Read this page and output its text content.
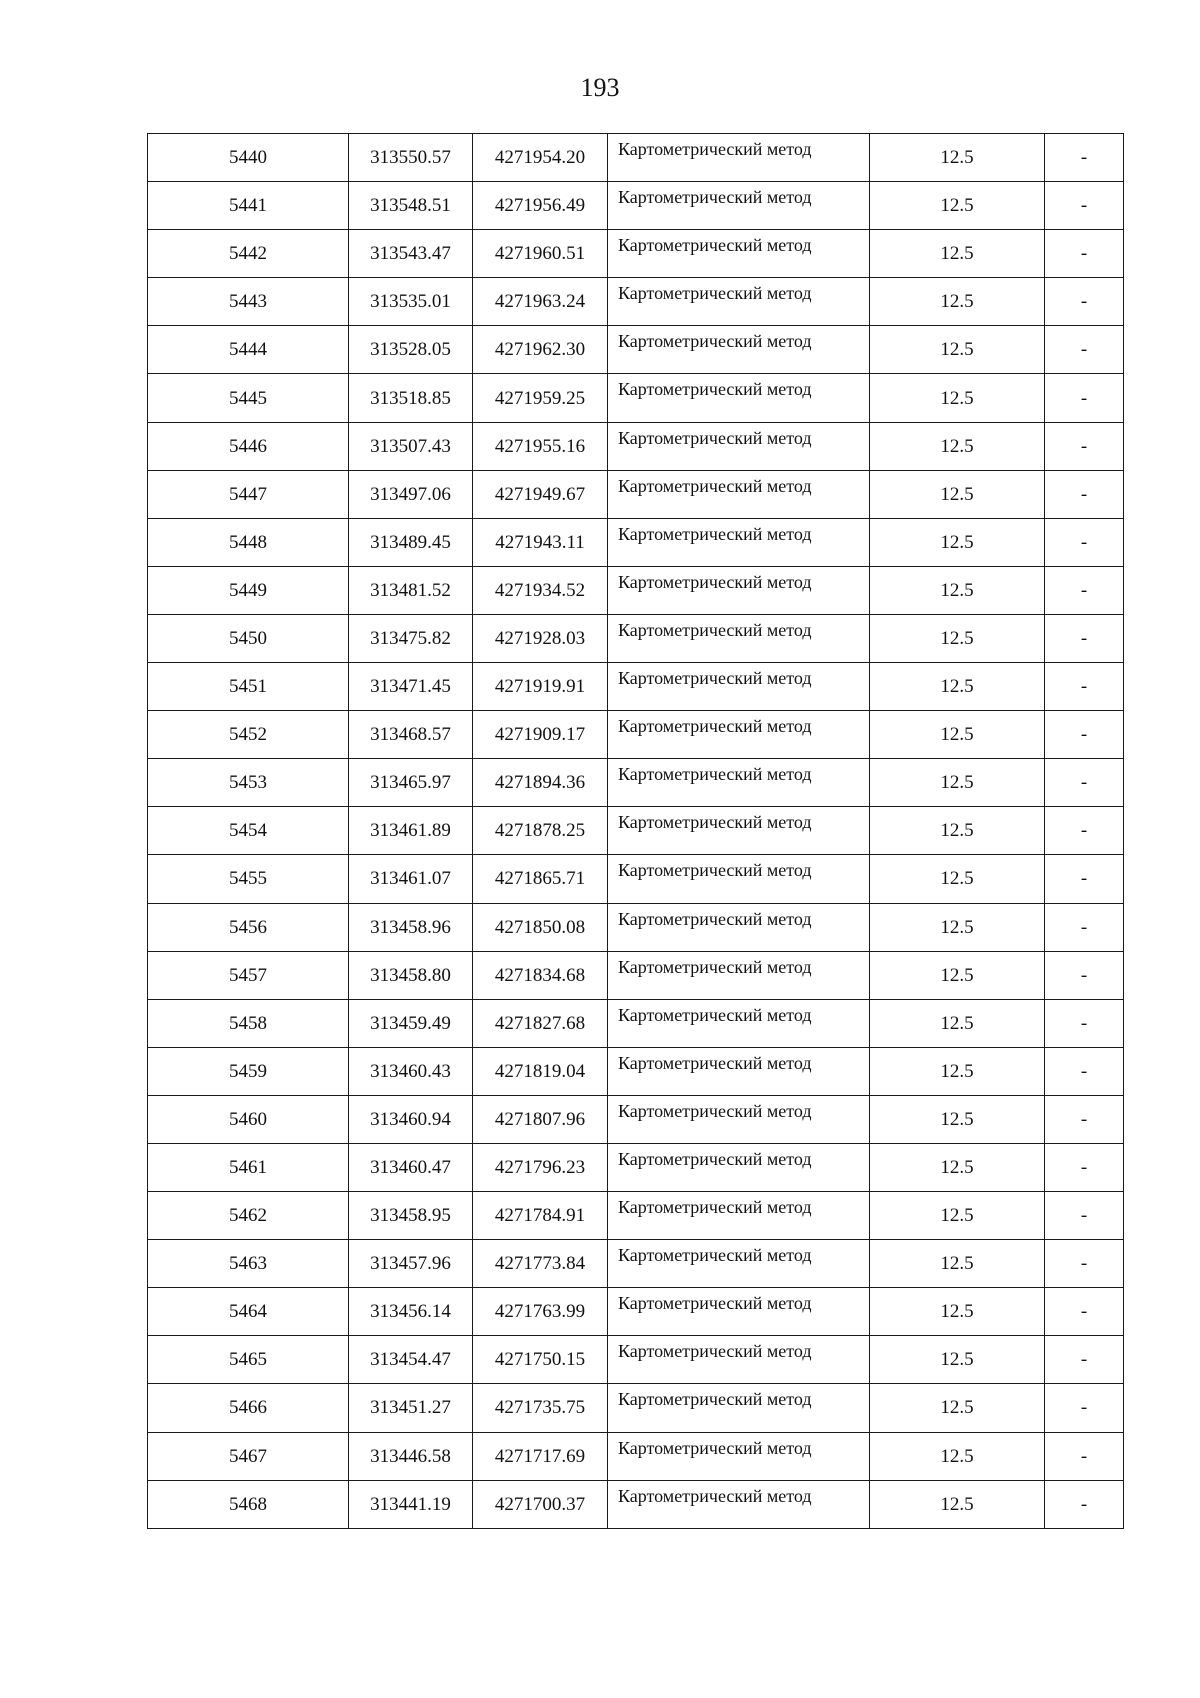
193
5440	313550.57	4271954.20	Картометрический метод	12.5	-
5441	313548.51	4271956.49	Картометрический метод	12.5	-
5442	313543.47	4271960.51	Картометрический метод	12.5	-
5443	313535.01	4271963.24	Картометрический метод	12.5	-
5444	313528.05	4271962.30	Картометрический метод	12.5	-
5445	313518.85	4271959.25	Картометрический метод	12.5	-
5446	313507.43	4271955.16	Картометрический метод	12.5	-
5447	313497.06	4271949.67	Картометрический метод	12.5	-
5448	313489.45	4271943.11	Картометрический метод	12.5	-
5449	313481.52	4271934.52	Картометрический метод	12.5	-
5450	313475.82	4271928.03	Картометрический метод	12.5	-
5451	313471.45	4271919.91	Картометрический метод	12.5	-
5452	313468.57	4271909.17	Картометрический метод	12.5	-
5453	313465.97	4271894.36	Картометрический метод	12.5	-
5454	313461.89	4271878.25	Картометрический метод	12.5	-
5455	313461.07	4271865.71	Картометрический метод	12.5	-
5456	313458.96	4271850.08	Картометрический метод	12.5	-
5457	313458.80	4271834.68	Картометрический метод	12.5	-
5458	313459.49	4271827.68	Картометрический метод	12.5	-
5459	313460.43	4271819.04	Картометрический метод	12.5	-
5460	313460.94	4271807.96	Картометрический метод	12.5	-
5461	313460.47	4271796.23	Картометрический метод	12.5	-
5462	313458.95	4271784.91	Картометрический метод	12.5	-
5463	313457.96	4271773.84	Картометрический метод	12.5	-
5464	313456.14	4271763.99	Картометрический метод	12.5	-
5465	313454.47	4271750.15	Картометрический метод	12.5	-
5466	313451.27	4271735.75	Картометрический метод	12.5	-
5467	313446.58	4271717.69	Картометрический метод	12.5	-
5468	313441.19	4271700.37	Картометрический метод	12.5	-
